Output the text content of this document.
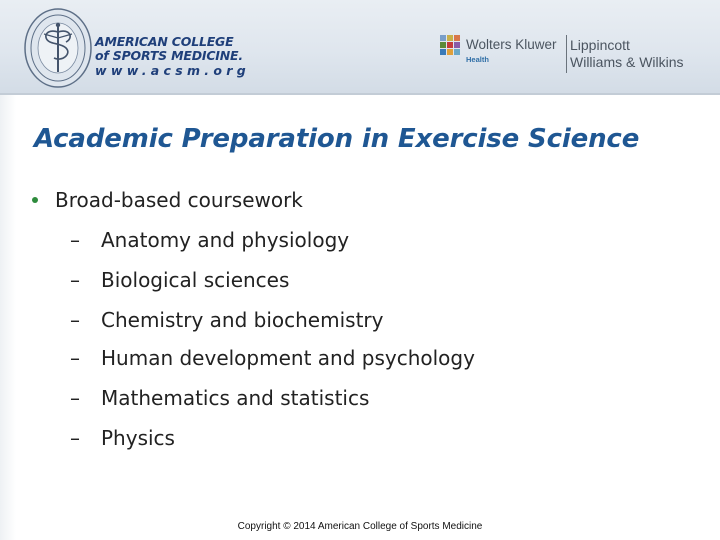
AMERICAN COLLEGE
of SPORTS MEDICINE.
www.acsm.org
Wolters Kluwer
Health
Lippincott
Williams & Wilkins
Academic Preparation in Exercise Science
Broad-based coursework
– Anatomy and physiology
– Biological sciences
– Chemistry and biochemistry
– Human development and psychology
– Mathematics and statistics
– Physics
Copyright © 2014 American College of Sports Medicine
